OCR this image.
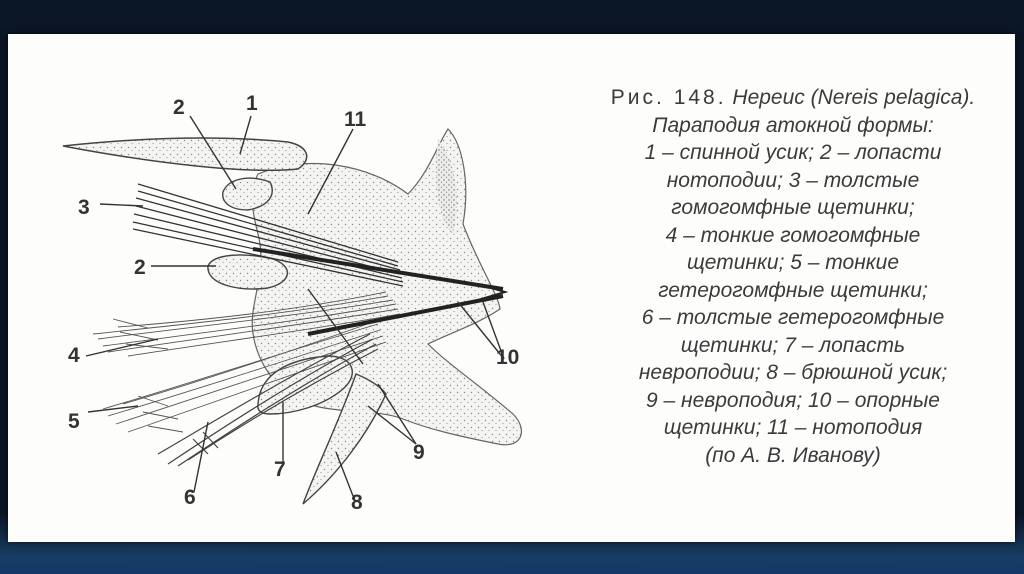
1
2
2
3
4
5
6
7
8
9
10
11
Рис. 148. Нереис (Nereis pelagica). Параподия атокной формы:
1 – спинной усик; 2 – лопасти
нотоподии; 3 – толстые
гомогомфные щетинки;
4 – тонкие гомогомфные
щетинки; 5 – тонкие
гетерогомфные щетинки;
6 – толстые гетерогомфные
щетинки; 7 – лопасть
невроподии; 8 – брюшной усик;
9 – невроподия; 10 – опорные
щетинки; 11 – нотоподия
(по А. В. Иванову)
